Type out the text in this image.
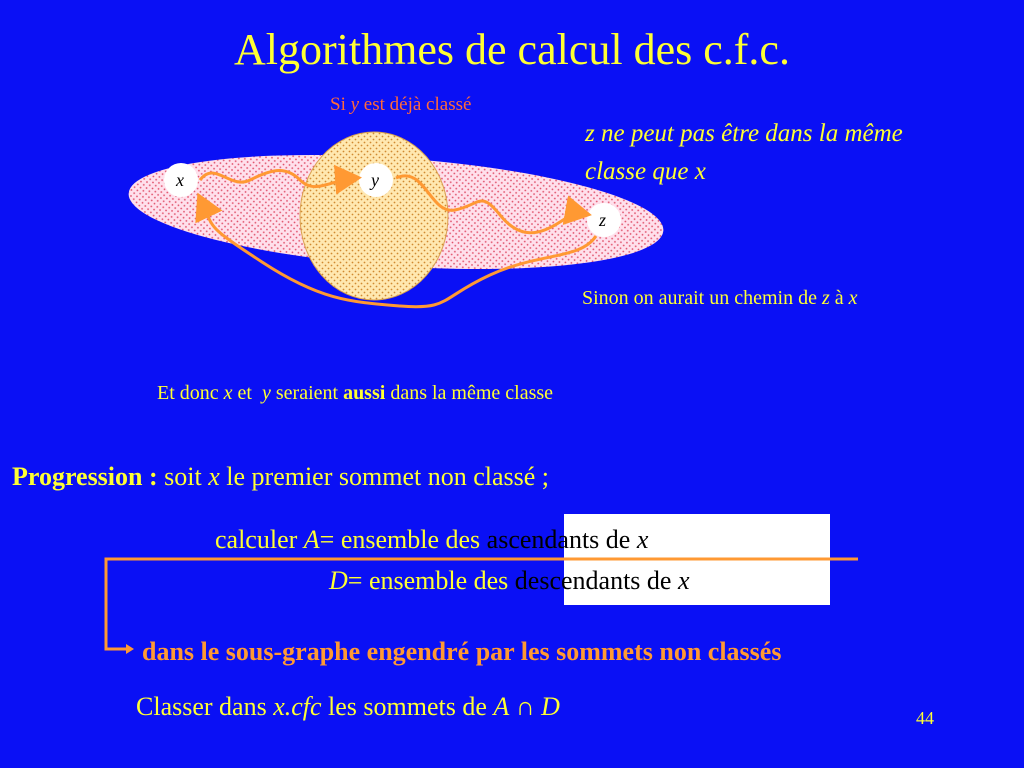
Algorithmes de calcul des c.f.c.
x	y
z
Si y est déjà classé
z ne peut pas être dans la même classe que x
Sinon on aurait un chemin de z à x
Et donc x et  y seraient aussi dans la même classe
Progression : soit x le premier sommet non classé ;
calculer A= ensemble des ascendants de x
D= ensemble des descendants de x
dans le sous-graphe engendré par les sommets non classés
Classer dans x.cfc les sommets de A ∩ D	44
